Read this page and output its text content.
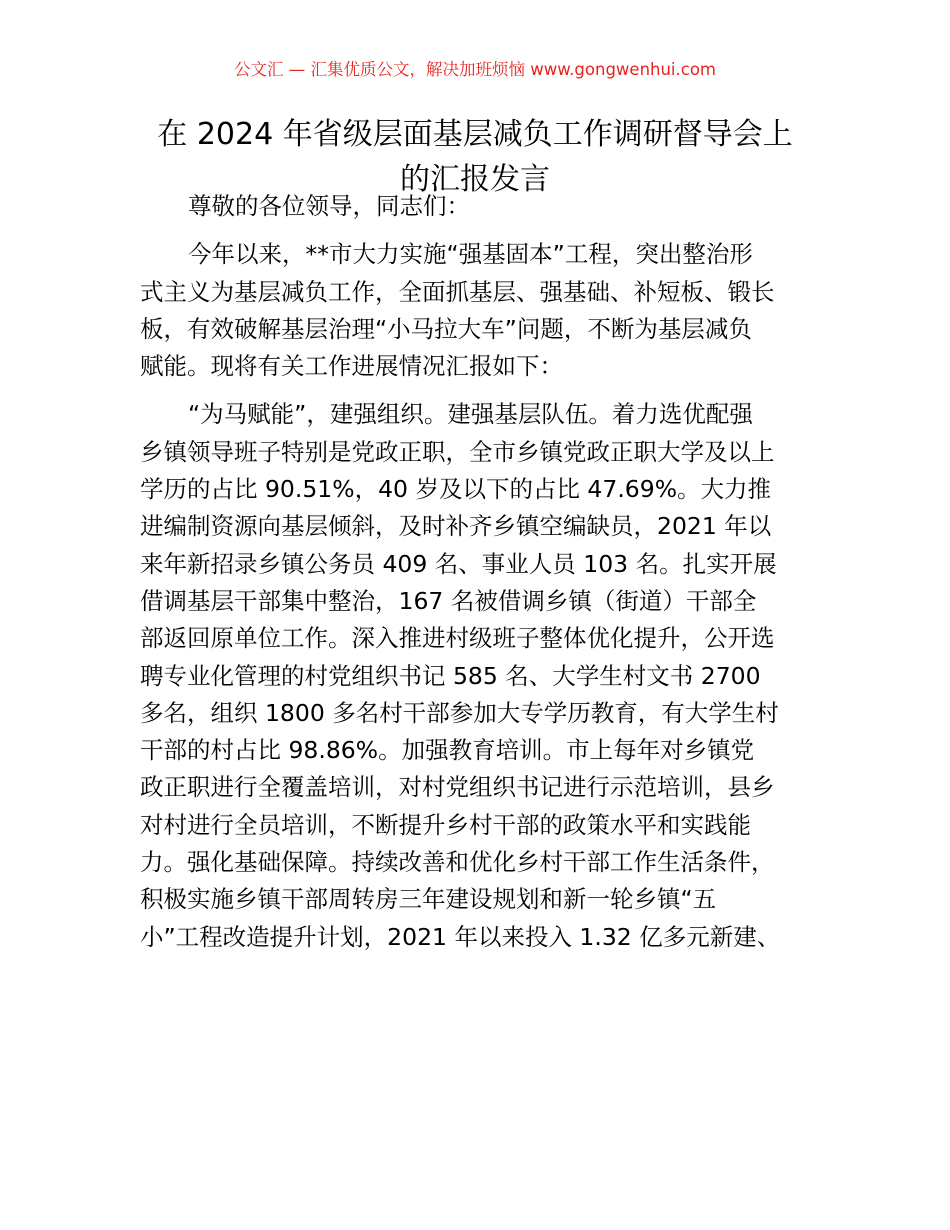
公文汇 — 汇集优质公文，解决加班烦恼 www.gongwenhui.com
在 2024 年省级层面基层减负工作调研督导会上
的汇报发言
尊敬的各位领导，同志们：
今年以来，**市大力实施“强基固本”工程，突出整治形
式主义为基层减负工作，全面抓基层、强基础、补短板、锻长
板，有效破解基层治理“小马拉大车”问题，不断为基层减负
赋能。现将有关工作进展情况汇报如下：
“为马赋能”，建强组织。建强基层队伍。着力选优配强
乡镇领导班子特别是党政正职，全市乡镇党政正职大学及以上
学历的占比 90.51%，40 岁及以下的占比 47.69%。大力推
进编制资源向基层倾斜，及时补齐乡镇空编缺员，2021 年以
来年新招录乡镇公务员 409 名、事业人员 103 名。扎实开展
借调基层干部集中整治，167 名被借调乡镇（街道）干部全
部返回原单位工作。深入推进村级班子整体优化提升，公开选
聘专业化管理的村党组织书记 585 名、大学生村文书 2700
多名，组织 1800 多名村干部参加大专学历教育，有大学生村
干部的村占比 98.86%。加强教育培训。市上每年对乡镇党
政正职进行全覆盖培训，对村党组织书记进行示范培训，县乡
对村进行全员培训，不断提升乡村干部的政策水平和实践能
力。强化基础保障。持续改善和优化乡村干部工作生活条件，
积极实施乡镇干部周转房三年建设规划和新一轮乡镇“五
小”工程改造提升计划，2021 年以来投入 1.32 亿多元新建、
